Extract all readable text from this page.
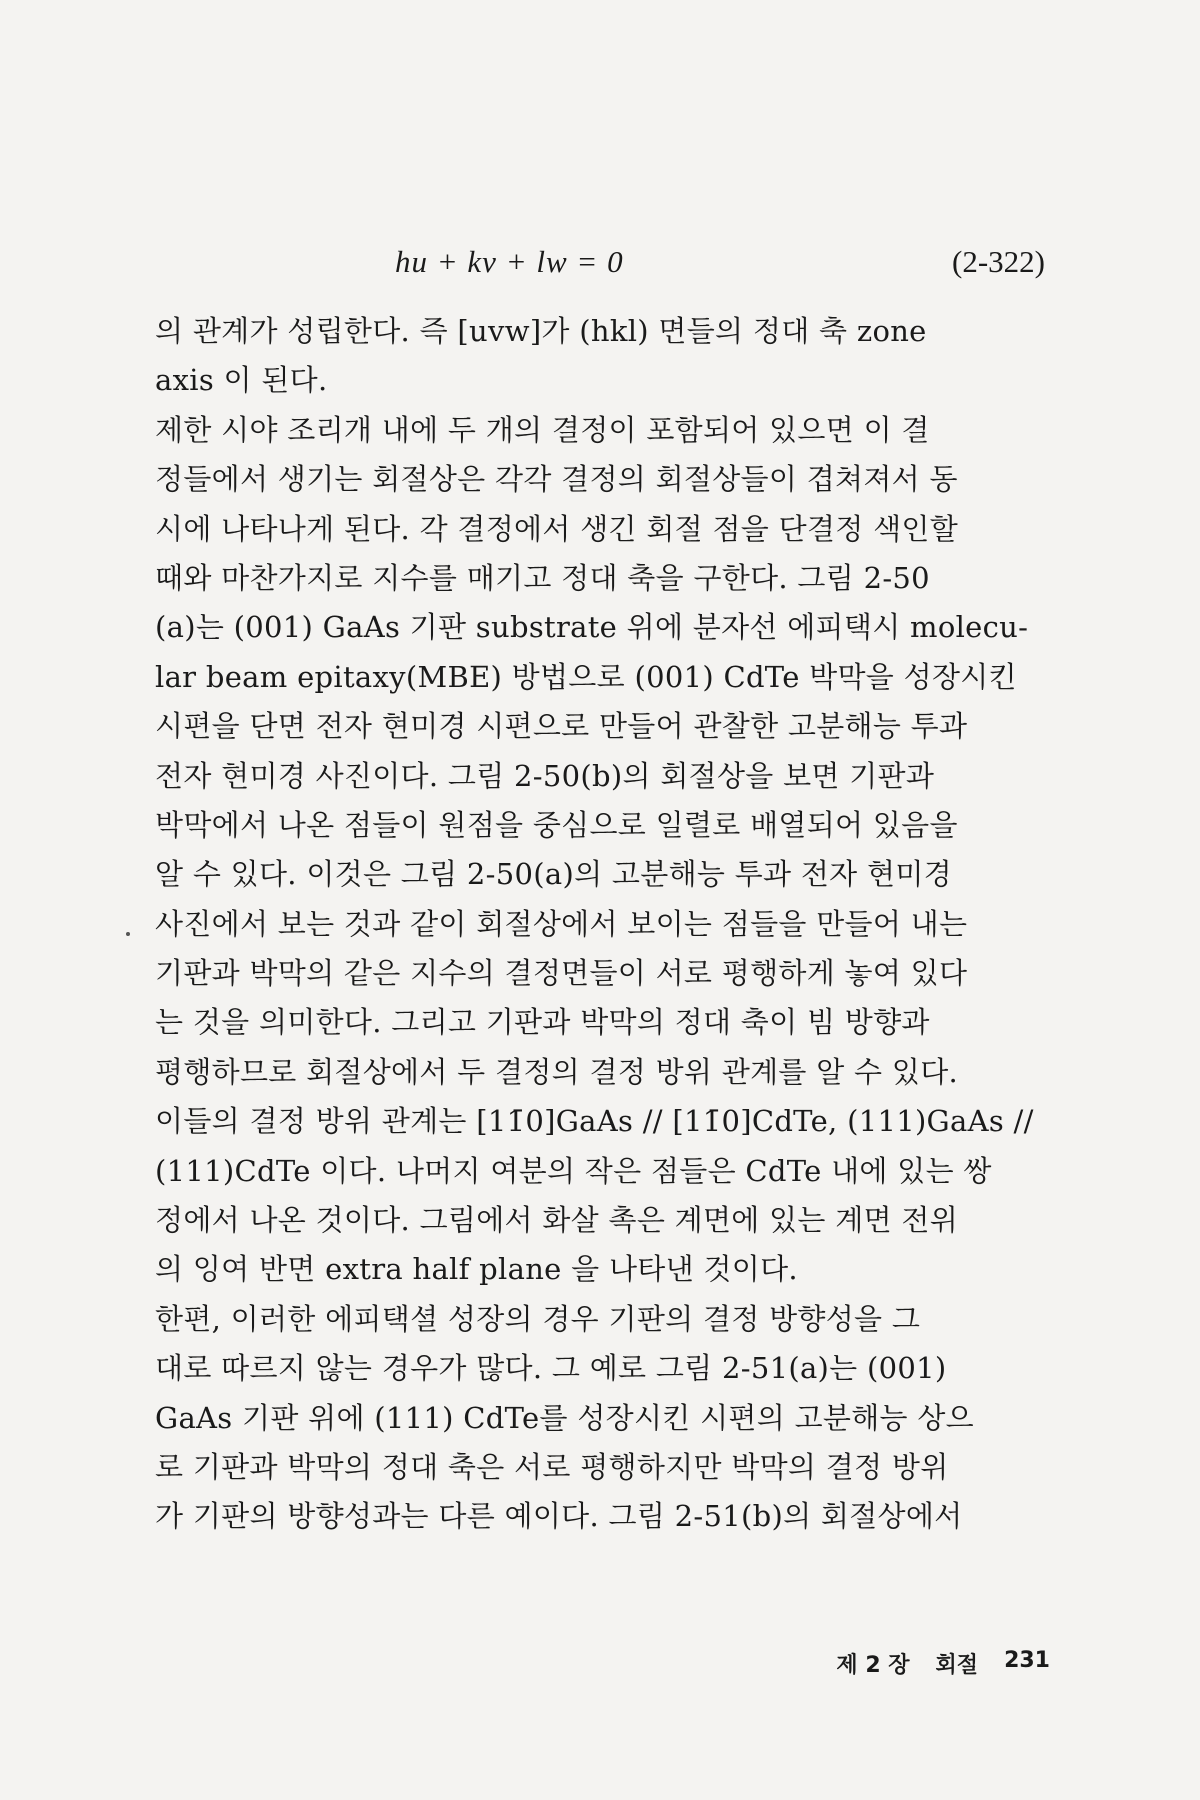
hu + kv + lw = 0	(2-322)
의 관계가 성립한다. 즉 [uvw]가 (hkl) 면들의 정대 축 zone
axis 이 된다.
제한 시야 조리개 내에 두 개의 결정이 포함되어 있으면 이 결
정들에서 생기는 회절상은 각각 결정의 회절상들이 겹쳐져서 동
시에 나타나게 된다. 각 결정에서 생긴 회절 점을 단결정 색인할
때와 마찬가지로 지수를 매기고 정대 축을 구한다. 그림 2-50
(a)는 (001) GaAs 기판 substrate 위에 분자선 에피택시 molecu-
lar beam epitaxy(MBE) 방법으로 (001) CdTe 박막을 성장시킨
시편을 단면 전자 현미경 시편으로 만들어 관찰한 고분해능 투과
전자 현미경 사진이다. 그림 2-50(b)의 회절상을 보면 기판과
박막에서 나온 점들이 원점을 중심으로 일렬로 배열되어 있음을
알 수 있다. 이것은 그림 2-50(a)의 고분해능 투과 전자 현미경
사진에서 보는 것과 같이 회절상에서 보이는 점들을 만들어 내는
기판과 박막의 같은 지수의 결정면들이 서로 평행하게 놓여 있다
는 것을 의미한다. 그리고 기판과 박막의 정대 축이 빔 방향과
평행하므로 회절상에서 두 결정의 결정 방위 관계를 알 수 있다.
이들의 결정 방위 관계는 [11̄0]GaAs // [11̄0]CdTe, (111)GaAs //
(111)CdTe 이다. 나머지 여분의 작은 점들은 CdTe 내에 있는 쌍
정에서 나온 것이다. 그림에서 화살 촉은 계면에 있는 계면 전위
의 잉여 반면 extra half plane 을 나타낸 것이다.
한편, 이러한 에피택셜 성장의 경우 기판의 결정 방향성을 그
대로 따르지 않는 경우가 많다. 그 예로 그림 2-51(a)는 (001)
GaAs 기판 위에 (111) CdTe를 성장시킨 시편의 고분해능 상으
로 기판과 박막의 정대 축은 서로 평행하지만 박막의 결정 방위
가 기판의 방향성과는 다른 예이다. 그림 2-51(b)의 회절상에서
제 2 장 회절 231
